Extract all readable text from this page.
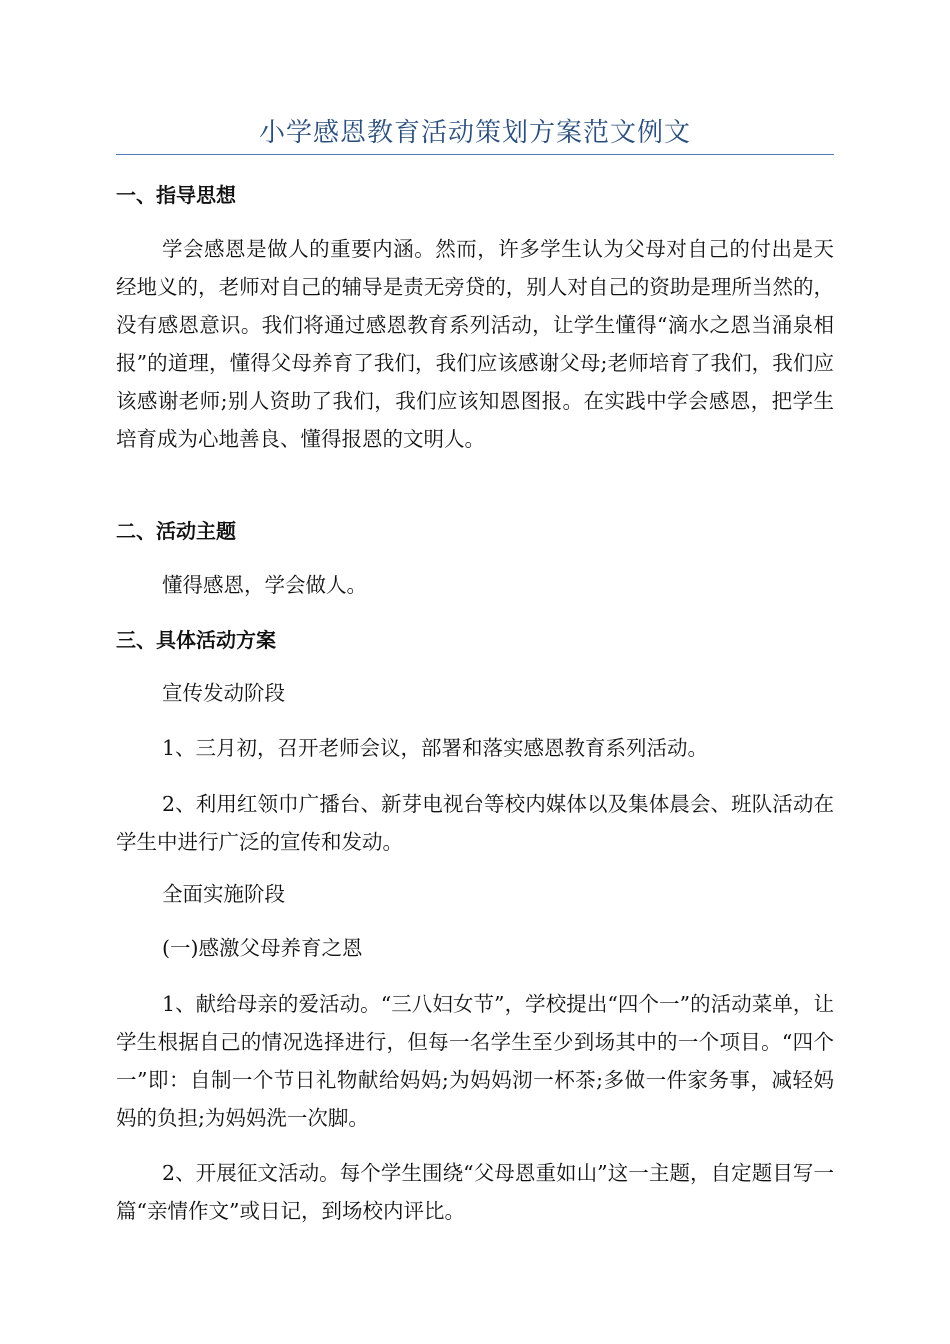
小学感恩教育活动策划方案范文例文
一、指导思想

学会感恩是做人的重要内涵。然而，许多学生认为父母对自己的付出是天经地义的，老师对自己的辅导是责无旁贷的，别人对自己的资助是理所当然的，没有感恩意识。我们将通过感恩教育系列活动，让学生懂得“滴水之恩当涌泉相报”的道理，懂得父母养育了我们，我们应该感谢父母;老师培育了我们，我们应该感谢老师;别人资助了我们，我们应该知恩图报。在实践中学会感恩，把学生培育成为心地善良、懂得报恩的文明人。

二、活动主题

懂得感恩，学会做人。

三、具体活动方案

宣传发动阶段

1、三月初，召开老师会议，部署和落实感恩教育系列活动。

2、利用红领巾广播台、新芽电视台等校内媒体以及集体晨会、班队活动在学生中进行广泛的宣传和发动。

全面实施阶段

(一)感激父母养育之恩

1、献给母亲的爱活动。“三八妇女节”，学校提出“四个一”的活动菜单，让学生根据自己的情况选择进行，但每一名学生至少到场其中的一个项目。“四个一”即：自制一个节日礼物献给妈妈;为妈妈沏一杯茶;多做一件家务事，减轻妈妈的负担;为妈妈洗一次脚。

2、开展征文活动。每个学生围绕“父母恩重如山”这一主题，自定题目写一篇“亲情作文”或日记，到场校内评比。
